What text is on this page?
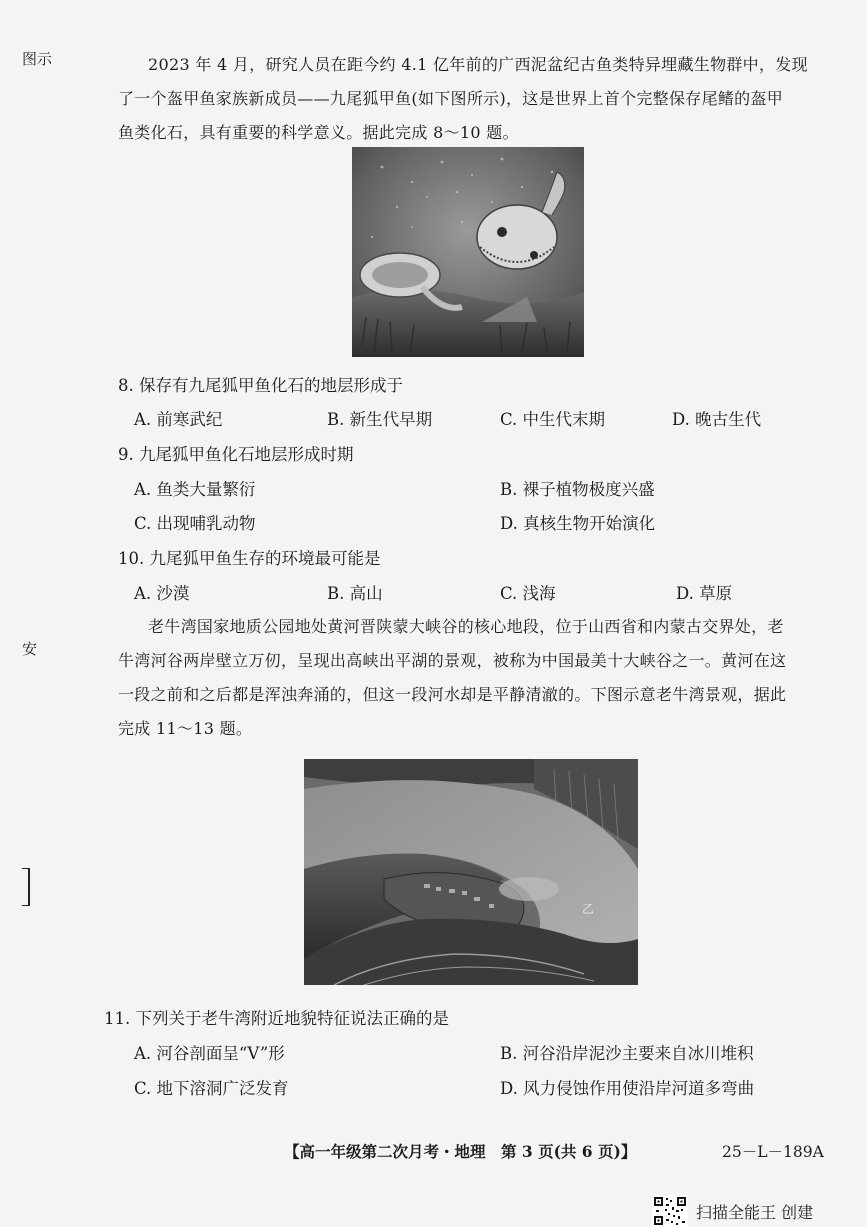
图示
安
2023 年 4 月，研究人员在距今约 4.1 亿年前的广西泥盆纪古鱼类特异埋藏生物群中，发现
了一个盔甲鱼家族新成员——九尾狐甲鱼(如下图所示)，这是世界上首个完整保存尾鳍的盔甲
鱼类化石，具有重要的科学意义。据此完成 8～10 题。
8. 保存有九尾狐甲鱼化石的地层形成于
A. 前寒武纪	B. 新生代早期	C. 中生代末期	D. 晚古生代
9. 九尾狐甲鱼化石地层形成时期
A. 鱼类大量繁衍	B. 裸子植物极度兴盛
C. 出现哺乳动物	D. 真核生物开始演化
10. 九尾狐甲鱼生存的环境最可能是
A. 沙漠	B. 高山	C. 浅海	D. 草原
老牛湾国家地质公园地处黄河晋陕蒙大峡谷的核心地段，位于山西省和内蒙古交界处，老
牛湾河谷两岸壁立万仞，呈现出高峡出平湖的景观，被称为中国最美十大峡谷之一。黄河在这
一段之前和之后都是浑浊奔涌的，但这一段河水却是平静清澈的。下图示意老牛湾景观，据此
完成 11～13 题。
乙
11. 下列关于老牛湾附近地貌特征说法正确的是
A. 河谷剖面呈“V”形	B. 河谷沿岸泥沙主要来自冰川堆积
C. 地下溶洞广泛发育	D. 风力侵蚀作用使沿岸河道多弯曲
【高一年级第二次月考・地理　第 3 页(共 6 页)】	25－L－189A
扫描全能王 创建
